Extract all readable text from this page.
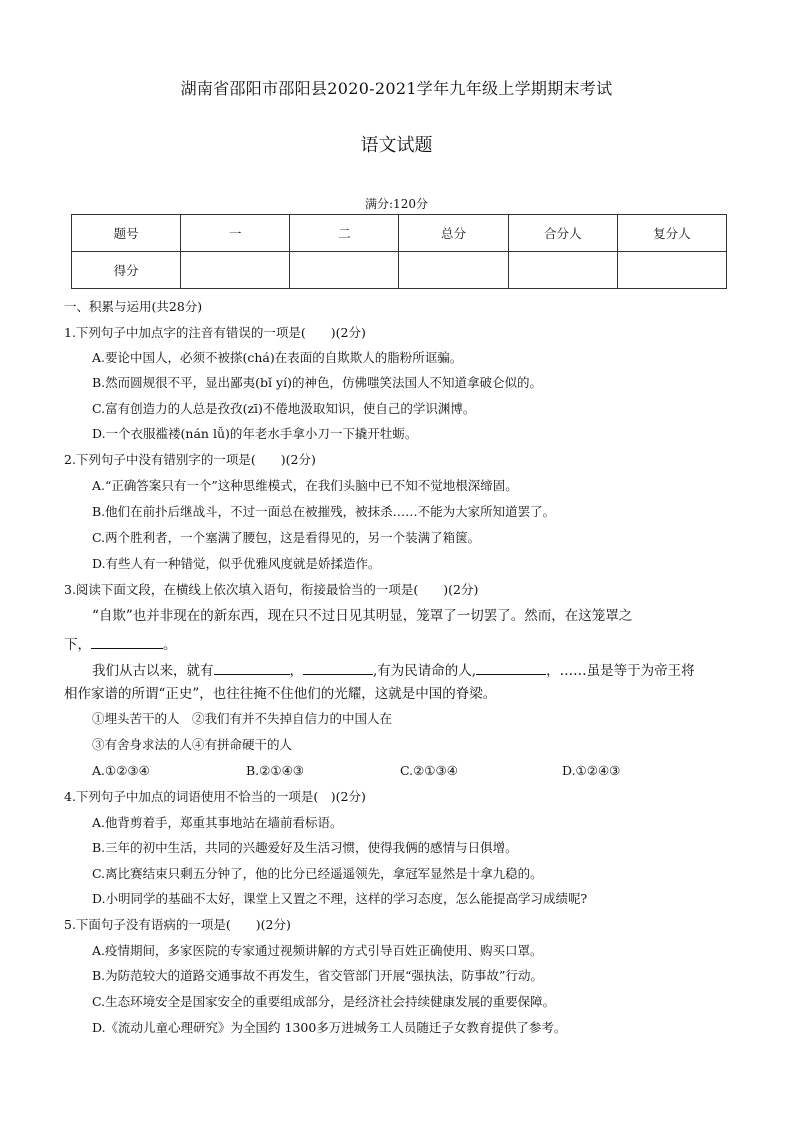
湖南省邵阳市邵阳县2020-2021学年九年级上学期期末考试
语文试题
满分:120分
题号	一	二	总分	合分人	复分人
得分					
一、积累与运用(共28分)
1.下列句子中加点字的注音有错误的一项是(　　)(2分)
A.要论中国人，必须不被搽(chá)在表面的自欺欺人的脂粉所诓骗。
B.然而圆规很不平，显出鄙夷(bǐ yí)的神色，仿佛嗤笑法国人不知道拿破仑似的。
C.富有创造力的人总是孜孜(zī)不倦地汲取知识，使自己的学识渊博。
D.一个衣服褴褛(nán lǚ)的年老水手拿小刀一下撬开牡蛎。
2.下列句子中没有错别字的一项是(　　)(2分)
A.“正确答案只有一个”这种思维模式，在我们头脑中已不知不觉地根深缔固。
B.他们在前扑后继战斗，不过一面总在被摧残，被抹杀……不能为大家所知道罢了。
C.两个胜利者，一个塞满了腰包，这是看得见的，另一个装满了箱箧。
D.有些人有一种错觉，似乎优雅风度就是娇揉造作。
3.阅读下面文段，在横线上依次填入语句，衔接最恰当的一项是(　　)(2分)
“自欺”也并非现在的新东西，现在只不过日见其明显，笼罩了一切罢了。然而，在这笼罩之
下，	。
我们从古以来，就有	，	,有为民请命的人,	，……虽是等于为帝王将
相作家谱的所谓“正史”，也往往掩不住他们的光耀，这就是中国的脊梁。
①埋头苦干的人　②我们有并不失掉自信力的中国人在
③有舍身求法的人④有拼命硬干的人
A.①②③④	B.②①④③	C.②①③④	D.①②④③
4.下列句子中加点的词语使用不恰当的一项是(　)(2分)
A.他背剪着手，郑重其事地站在墙前看标语。
B.三年的初中生活，共同的兴趣爱好及生活习惯，使得我俩的感情与日俱增。
C.离比赛结束只剩五分钟了，他的比分已经遥遥领先，拿冠军显然是十拿九稳的。
D.小明同学的基础不太好，课堂上又置之不理，这样的学习态度，怎么能提高学习成绩呢?
5.下面句子没有语病的一项是(　　)(2分)
A.疫情期间，多家医院的专家通过视频讲解的方式引导百姓正确使用、购买口罩。
B.为防范较大的道路交通事故不再发生，省交管部门开展“强执法，防事故”行动。
C.生态环境安全是国家安全的重要组成部分，是经济社会持续健康发展的重要保障。
D.《流动儿童心理研究》为全国约 1300多万进城务工人员随迁子女教育提供了参考。
